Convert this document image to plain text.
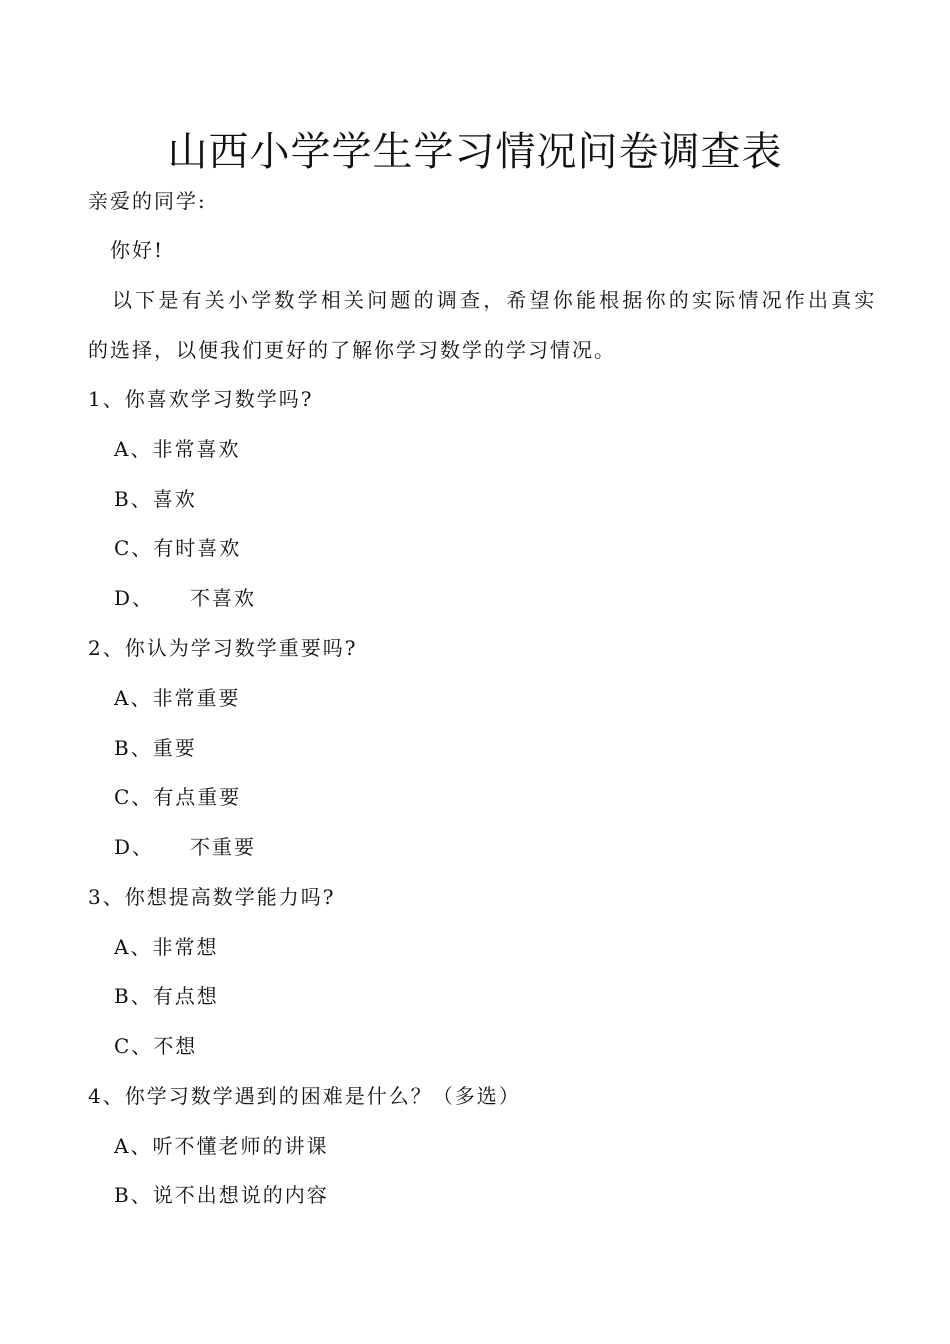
山西小学学生学习情况问卷调查表
亲爱的同学:
你好!
以下是有关小学数学相关问题的调查，希望你能根据你的实际情况作出真实
的选择，以便我们更好的了解你学习数学的学习情况。
1、你喜欢学习数学吗?
A、非常喜欢
B、喜欢
C、有时喜欢
D、 不喜欢
2、你认为学习数学重要吗?
A、非常重要
B、重要
C、有点重要
D、 不重要
3、你想提高数学能力吗?
A、非常想
B、有点想
C、不想
4、你学习数学遇到的困难是什么？（多选）
A、听不懂老师的讲课
B、说不出想说的内容
